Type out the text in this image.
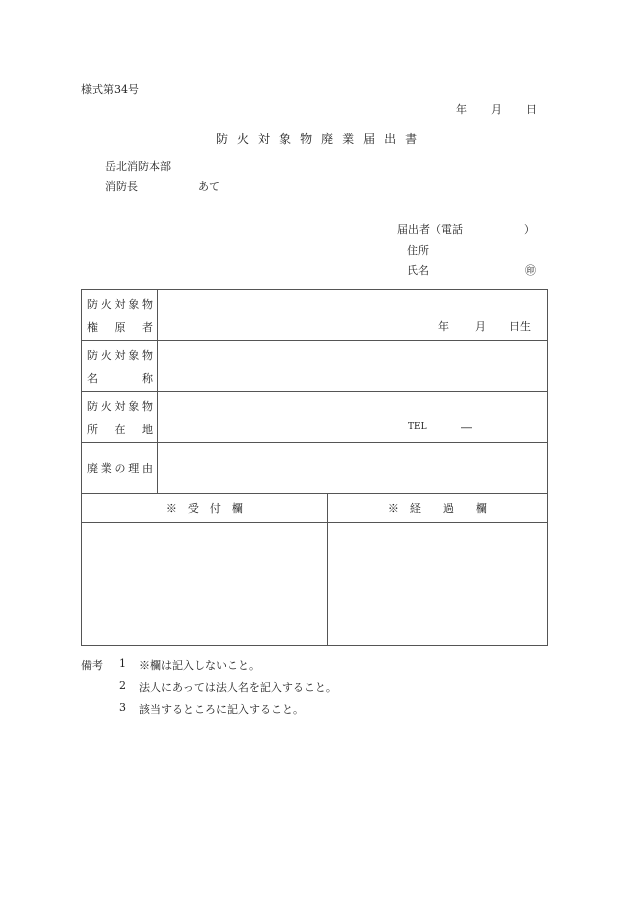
様式第34号
年 月 日
防 火 対 象 物 廃 業 届 出 書
岳北消防本部
消防長	あて
届出者（電話	）
住所
氏名	㊞
防 火 対 象 物
権 原 者	年 月 日生

防 火 対 象 物
名	称

防 火 対 象 物
所 在 地	TEL	―

廃 業 の 理 由		

※　受　付　欄		※　経　　過　　欄

備考	1	※欄は記入しないこと。
2	法人にあっては法人名を記入すること。
3	該当するところに記入すること。
